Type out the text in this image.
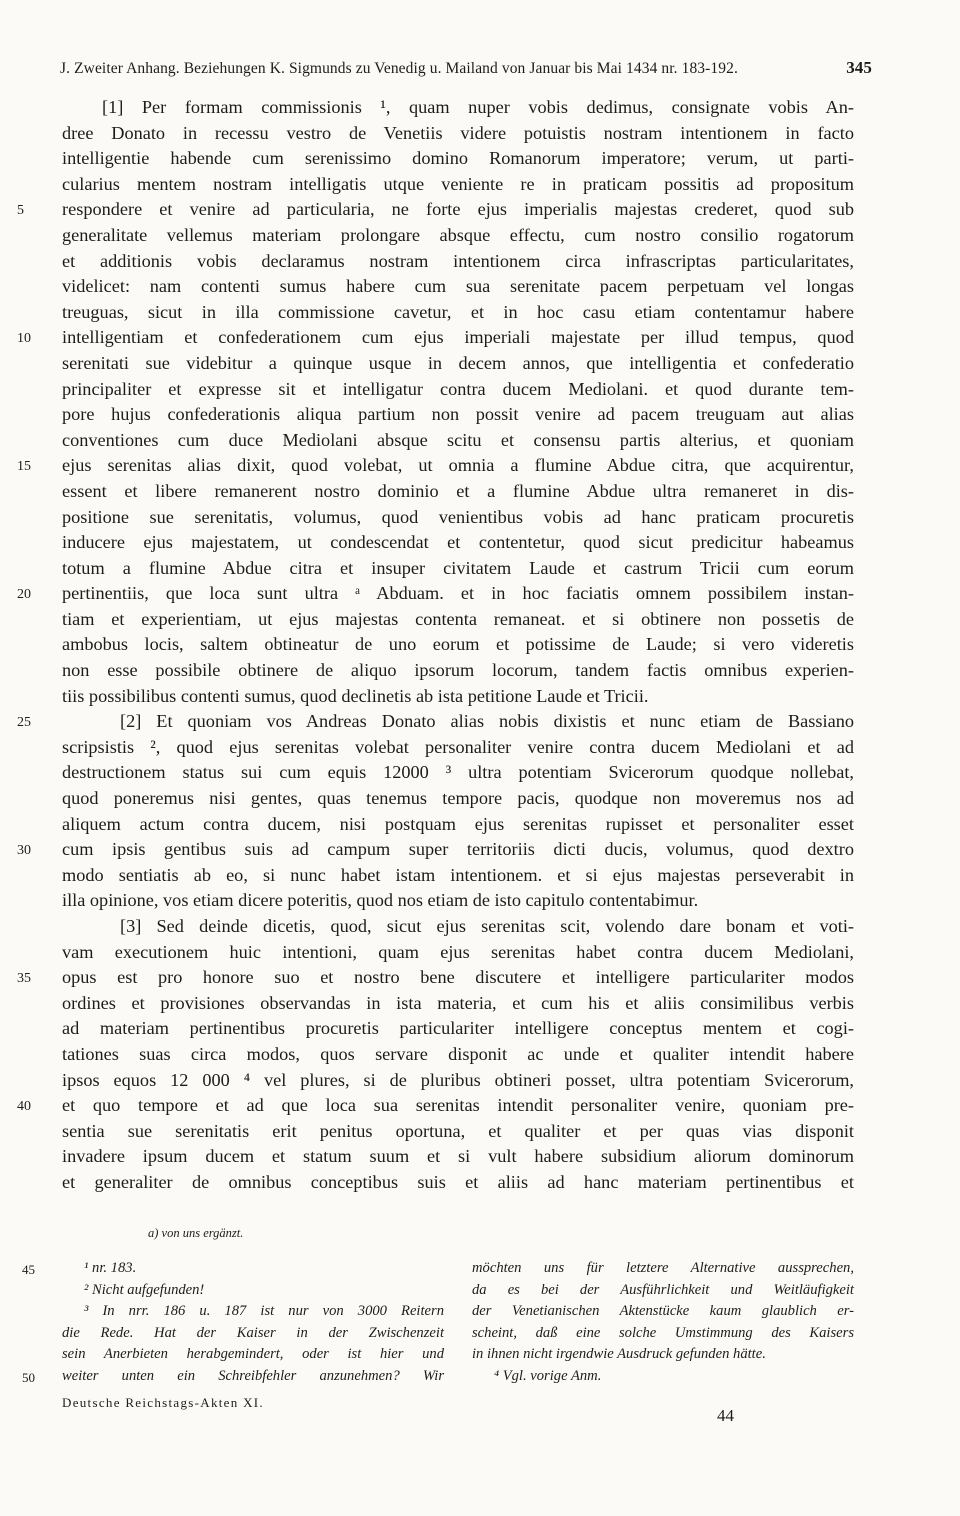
J. Zweiter Anhang. Beziehungen K. Sigmunds zu Venedig u. Mailand von Januar bis Mai 1434 nr. 183-192.	345
[1] Per formam commissionis ¹, quam nuper vobis dedimus, consignate vobis An-
dree Donato in recessu vestro de Venetiis videre potuistis nostram intentionem in facto
intelligentie habende cum serenissimo domino Romanorum imperatore; verum, ut parti-
cularius mentem nostram intelligatis utque veniente re in praticam possitis ad propositum
5	respondere et venire ad particularia, ne forte ejus imperialis majestas crederet, quod sub
generalitate vellemus materiam prolongare absque effectu, cum nostro consilio rogatorum
et additionis vobis declaramus nostram intentionem circa infrascriptas particularitates,
videlicet: nam contenti sumus habere cum sua serenitate pacem perpetuam vel longas
treuguas, sicut in illa commissione cavetur, et in hoc casu etiam contentamur habere
10	intelligentiam et confederationem cum ejus imperiali majestate per illud tempus, quod
serenitati sue videbitur a quinque usque in decem annos, que intelligentia et confederatio
principaliter et expresse sit et intelligatur contra ducem Mediolani. et quod durante tem-
pore hujus confederationis aliqua partium non possit venire ad pacem treuguam aut alias
conventiones cum duce Mediolani absque scitu et consensu partis alterius, et quoniam
15	ejus serenitas alias dixit, quod volebat, ut omnia a flumine Abdue citra, que acquirentur,
essent et libere remanerent nostro dominio et a flumine Abdue ultra remaneret in dis-
positione sue serenitatis, volumus, quod venientibus vobis ad hanc praticam procuretis
inducere ejus majestatem, ut condescendat et contentetur, quod sicut predicitur habeamus
totum a flumine Abdue citra et insuper civitatem Laude et castrum Tricii cum eorum
20	pertinentiis, que loca sunt ultra ᵃ Abduam. et in hoc faciatis omnem possibilem instan-
tiam et experientiam, ut ejus majestas contenta remaneat. et si obtinere non possetis de
ambobus locis, saltem obtineatur de uno eorum et potissime de Laude; si vero videretis
non esse possibile obtinere de aliquo ipsorum locorum, tandem factis omnibus experien-
tiis possibilibus contenti sumus, quod declinetis ab ista petitione Laude et Tricii.
25	[2] Et quoniam vos Andreas Donato alias nobis dixistis et nunc etiam de Bassiano
scripsistis ², quod ejus serenitas volebat personaliter venire contra ducem Mediolani et ad
destructionem status sui cum equis 12000 ³ ultra potentiam Svicerorum quodque nollebat,
quod poneremus nisi gentes, quas tenemus tempore pacis, quodque non moveremus nos ad
aliquem actum contra ducem, nisi postquam ejus serenitas rupisset et personaliter esset
30	cum ipsis gentibus suis ad campum super territoriis dicti ducis, volumus, quod dextro
modo sentiatis ab eo, si nunc habet istam intentionem. et si ejus majestas perseverabit in
illa opinione, vos etiam dicere poteritis, quod nos etiam de isto capitulo contentabimur.
[3] Sed deinde dicetis, quod, sicut ejus serenitas scit, volendo dare bonam et voti-
vam executionem huic intentioni, quam ejus serenitas habet contra ducem Mediolani,
35	opus est pro honore suo et nostro bene discutere et intelligere particulariter modos
ordines et provisiones observandas in ista materia, et cum his et aliis consimilibus verbis
ad materiam pertinentibus procuretis particulariter intelligere conceptus mentem et cogi-
tationes suas circa modos, quos servare disponit ac unde et qualiter intendit habere
ipsos equos 12 000 ⁴ vel plures, si de pluribus obtineri posset, ultra potentiam Svicerorum,
40	et quo tempore et ad que loca sua serenitas intendit personaliter venire, quoniam pre-
sentia sue serenitatis erit penitus oportuna, et qualiter et per quas vias disponit
invadere ipsum ducem et statum suum et si vult habere subsidium aliorum dominorum
et generaliter de omnibus conceptibus suis et aliis ad hanc materiam pertinentibus et
a) von uns ergänzt.
45	¹ nr. 183.
² Nicht aufgefunden!
³ In nrr. 186 u. 187 ist nur von 3000 Reitern
die Rede. Hat der Kaiser in der Zwischenzeit
sein Anerbieten herabgemindert, oder ist hier und
50 weiter unten ein Schreibfehler anzunehmen? Wir
möchten uns für letztere Alternative aussprechen,
da es bei der Ausführlichkeit und Weitläufigkeit
der Venetianischen Aktenstücke kaum glaublich er-
scheint, daß eine solche Umstimmung des Kaisers
in ihnen nicht irgendwie Ausdruck gefunden hätte.
⁴ Vgl. vorige Anm.
Deutsche Reichstags-Akten XI.
44
